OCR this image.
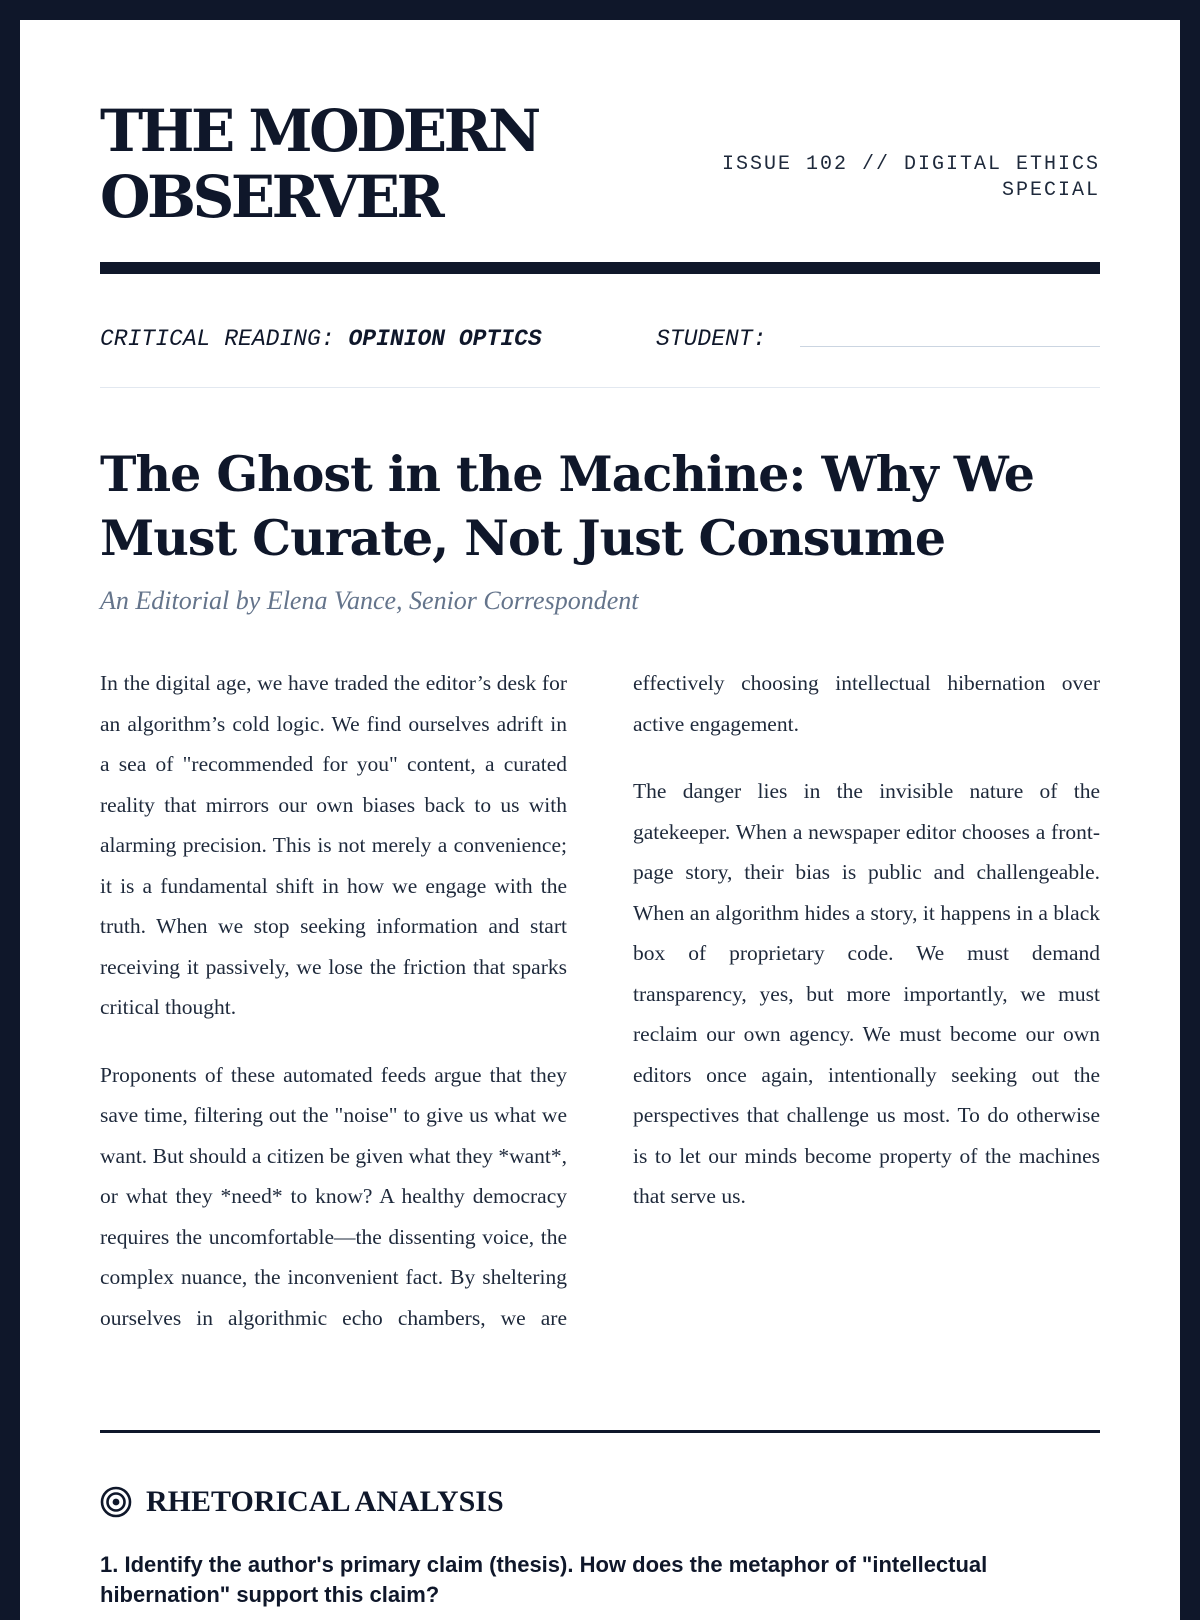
THE MODERN OBSERVER	ISSUE 102 // DIGITAL ETHICS SPECIAL
CRITICAL READING: OPINION OPTICS	STUDENT:
The Ghost in the Machine: Why We Must Curate, Not Just Consume
An Editorial by Elena Vance, Senior Correspondent

In the digital age, we have traded the editor’s desk for an algorithm’s cold logic. We find ourselves adrift in a sea of "recommended for you" content, a curated reality that mirrors our own biases back to us with alarming precision. This is not merely a convenience; it is a fundamental shift in how we engage with the truth. When we stop seeking information and start receiving it passively, we lose the friction that sparks critical thought.

Proponents of these automated feeds argue that they save time, filtering out the "noise" to give us what we want. But should a citizen be given what they *want*, or what they *need* to know? A healthy democracy requires the uncomfortable—the dissenting voice, the complex nuance, the inconvenient fact. By sheltering ourselves in algorithmic echo chambers, we are effectively choosing intellectual hibernation over active engagement.

The danger lies in the invisible nature of the gatekeeper. When a newspaper editor chooses a front-page story, their bias is public and challengeable. When an algorithm hides a story, it happens in a black box of proprietary code. We must demand transparency, yes, but more importantly, we must reclaim our own agency. We must become our own editors once again, intentionally seeking out the perspectives that challenge us most. To do otherwise is to let our minds become property of the machines that serve us.

RHETORICAL ANALYSIS
1. Identify the author's primary claim (thesis). How does the metaphor of "intellectual hibernation" support this claim?
